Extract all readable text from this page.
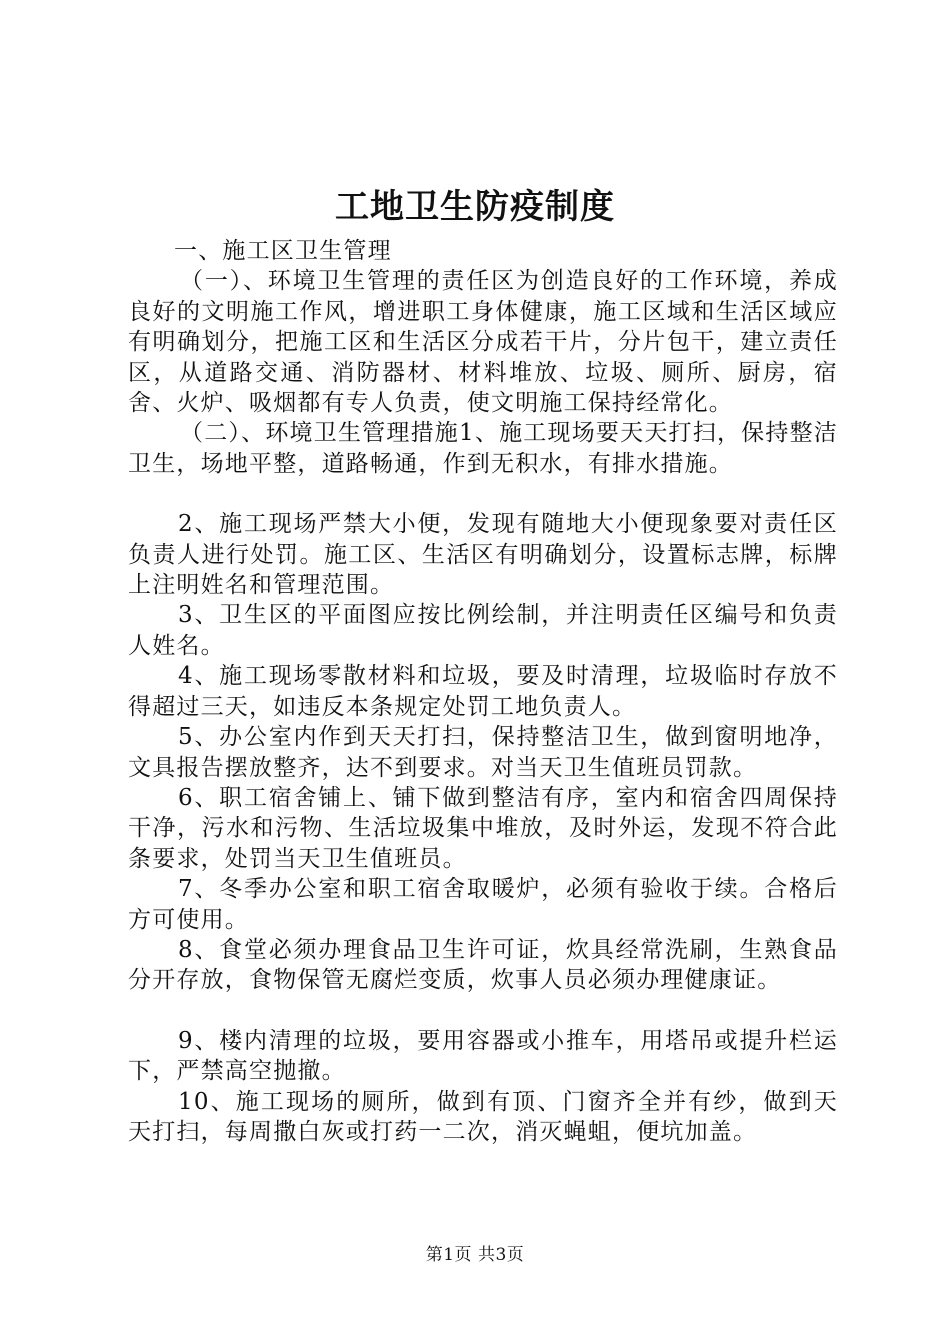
工地卫生防疫制度

一、施工区卫生管理

（一）、环境卫生管理的责任区为创造良好的工作环境，养成良好的文明施工作风，增进职工身体健康，施工区域和生活区域应有明确划分，把施工区和生活区分成若干片，分片包干，建立责任区，从道路交通、消防器材、材料堆放、垃圾、厕所、厨房，宿舍、火炉、吸烟都有专人负责，使文明施工保持经常化。

（二）、环境卫生管理措施1、施工现场要天天打扫，保持整洁卫生，场地平整，道路畅通，作到无积水，有排水措施。

2、施工现场严禁大小便，发现有随地大小便现象要对责任区负责人进行处罚。施工区、生活区有明确划分，设置标志牌，标牌上注明姓名和管理范围。

3、卫生区的平面图应按比例绘制，并注明责任区编号和负责人姓名。

4、施工现场零散材料和垃圾，要及时清理，垃圾临时存放不得超过三天，如违反本条规定处罚工地负责人。

5、办公室内作到天天打扫，保持整洁卫生，做到窗明地净，文具报告摆放整齐，达不到要求。对当天卫生值班员罚款。

6、职工宿舍铺上、铺下做到整洁有序，室内和宿舍四周保持干净，污水和污物、生活垃圾集中堆放，及时外运，发现不符合此条要求，处罚当天卫生值班员。

7、冬季办公室和职工宿舍取暖炉，必须有验收于续。合格后方可使用。

8、食堂必须办理食品卫生许可证，炊具经常洗刷，生熟食品分开存放，食物保管无腐烂变质，炊事人员必须办理健康证。

9、楼内清理的垃圾，要用容器或小推车，用塔吊或提升栏运下，严禁高空抛撤。

10、施工现场的厕所，做到有顶、门窗齐全并有纱，做到天天打扫，每周撒白灰或打药一二次，消灭蝇蛆，便坑加盖。

第1页 共3页
